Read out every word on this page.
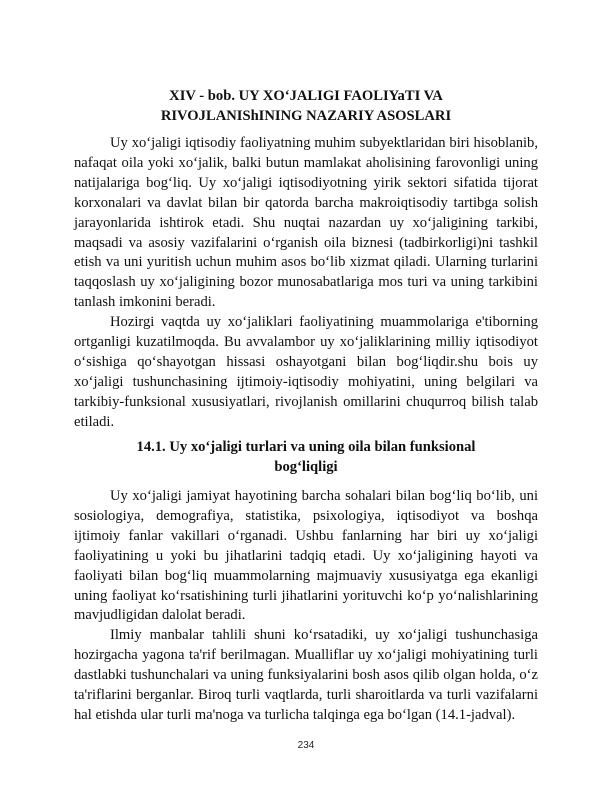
XIV - bob. UY XO‘JALIGI FAOLIYaTI VA
RIVOJLANIShINING NAZARIY ASOSLARI

Uy xo‘jaligi iqtisodiy faoliyatning muhim subyektlaridan biri hisoblanib, nafaqat oila yoki xo‘jalik, balki butun mamlakat aholisining farovonligi uning natijalariga bog‘liq. Uy xo‘jaligi iqtisodiyotning yirik sektori sifatida tijorat korxonalari va davlat bilan bir qatorda barcha makroiqtisodiy tartibga solish jarayonlarida ishtirok etadi. Shu nuqtai nazardan uy xo‘jaligining tarkibi, maqsadi va asosiy vazifalarini o‘rganish oila biznesi (tadbirkorligi)ni tashkil etish va uni yuritish uchun muhim asos bo‘lib xizmat qiladi. Ularning turlarini taqqoslash uy xo‘jaligining bozor munosabatlariga mos turi va uning tarkibini tanlash imkonini beradi.

Hozirgi vaqtda uy xo‘jaliklari faoliyatining muammolariga e'tiborning ortganligi kuzatilmoqda. Bu avvalambor uy xo‘jaliklarining milliy iqtisodiyot o‘sishiga qo‘shayotgan hissasi oshayotgani bilan bog‘liqdir.shu bois uy xo‘jaligi tushunchasining ijtimoiy-iqtisodiy mohiyatini, uning belgilari va tarkibiy-funksional xususiyatlari, rivojlanish omillarini chuqurroq bilish talab etiladi.

14.1. Uy xo‘jaligi turlari va uning oila bilan funksional
bog‘liqligi

Uy xo‘jaligi jamiyat hayotining barcha sohalari bilan bog‘liq bo‘lib, uni sosiologiya, demografiya, statistika, psixologiya, iqtisodiyot va boshqa ijtimoiy fanlar vakillari o‘rganadi. Ushbu fanlarning har biri uy xo‘jaligi faoliyatining u yoki bu jihatlarini tadqiq etadi. Uy xo‘jaligining hayoti va faoliyati bilan bog‘liq muammolarning majmuaviy xususiyatga ega ekanligi uning faoliyat ko‘rsatishining turli jihatlarini yorituvchi ko‘p yo‘nalishlarining mavjudligidan dalolat beradi.

Ilmiy manbalar tahlili shuni ko‘rsatadiki, uy xo‘jaligi tushunchasiga hozirgacha yagona ta'rif berilmagan. Mualliflar uy xo‘jaligi mohiyatining turli dastlabki tushunchalari va uning funksiyalarini bosh asos qilib olgan holda, o‘z ta'riflarini berganlar. Biroq turli vaqtlarda, turli sharoitlarda va turli vazifalarni hal etishda ular turli ma'noga va turlicha talqinga ega bo‘lgan (14.1-jadval).

234
